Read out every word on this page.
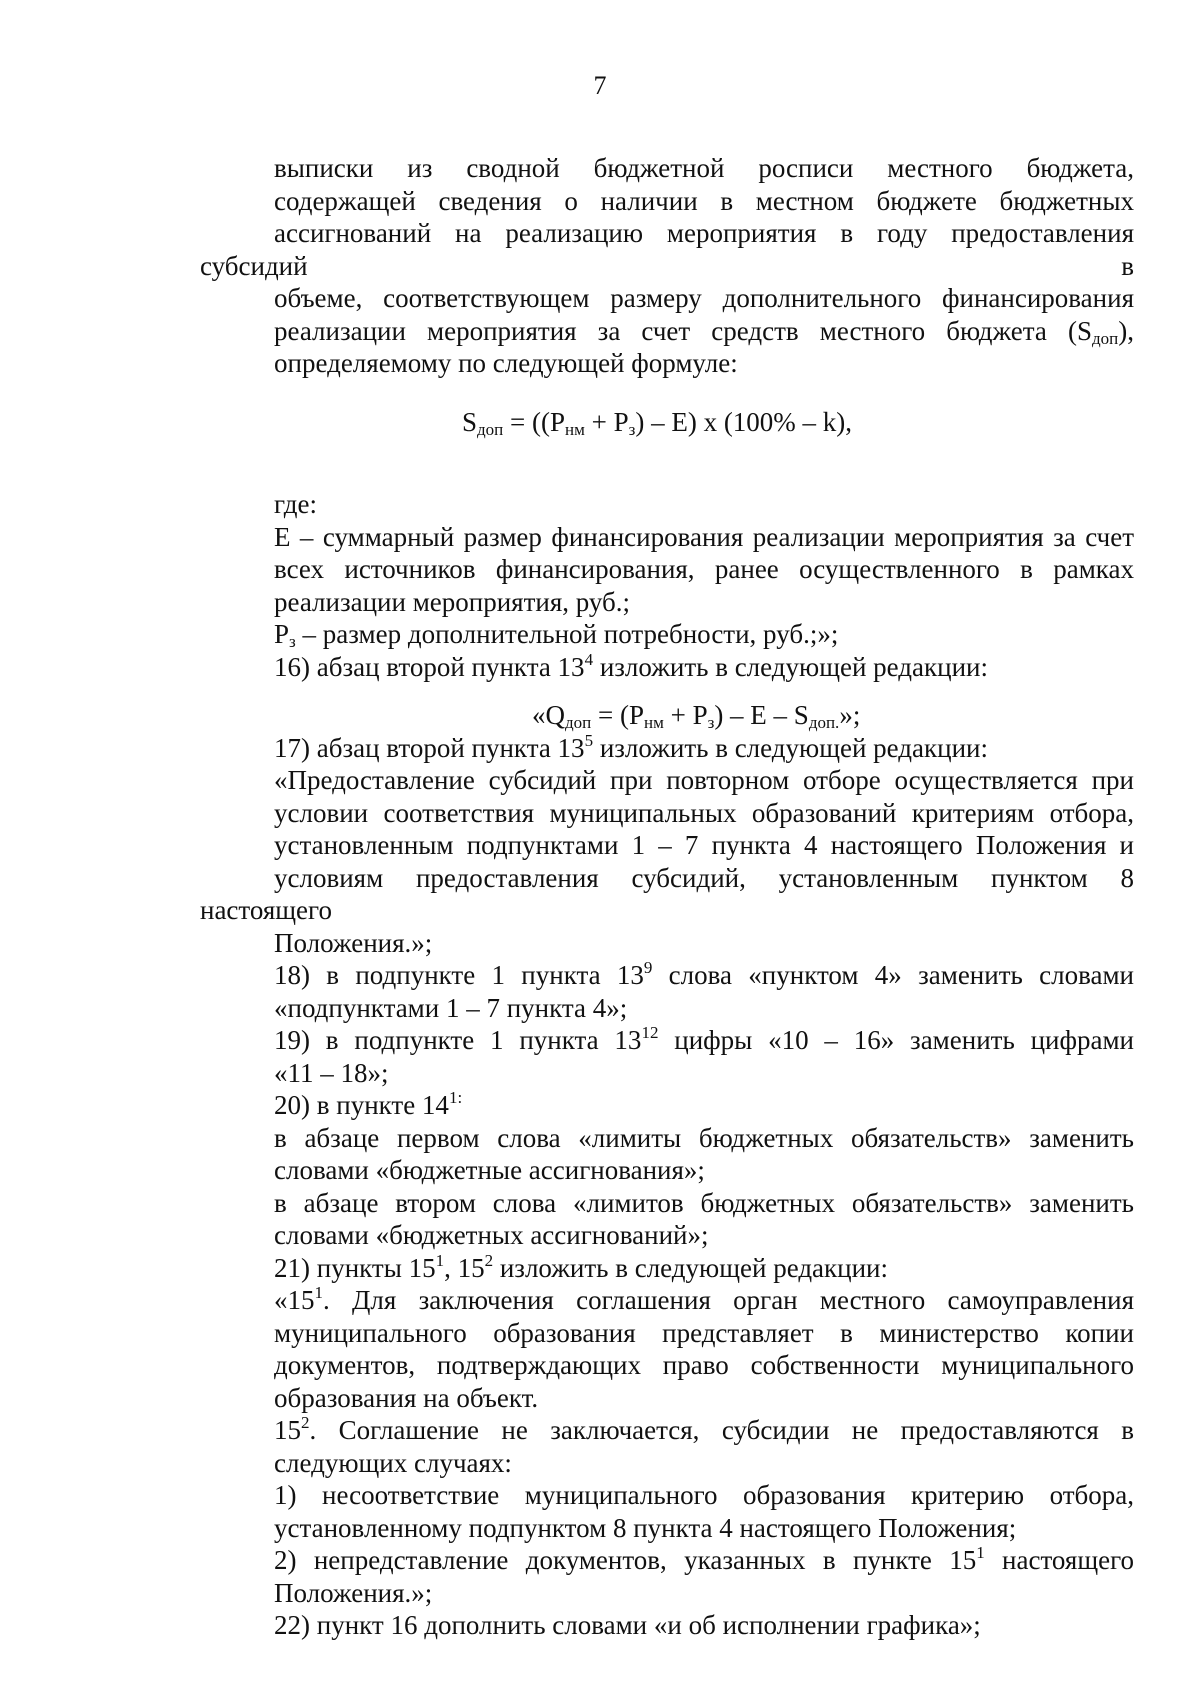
7

выписки из сводной бюджетной росписи местного бюджета,
содержащей сведения о наличии в местном бюджете бюджетных
ассигнований на реализацию мероприятия в году предоставления субсидий в
объеме, соответствующем размеру дополнительного финансирования
реализации мероприятия за счет средств местного бюджета $(S_{доп})$,
определяемому по следующей формуле:

$S_{доп} = ((P_{нм} + P_з) - E)$ x (100% – k),

где:

E – суммарный размер финансирования реализации мероприятия за счет
всех источников финансирования, ранее осуществленного в рамках
реализации мероприятия, руб.;

$P_з$ – размер дополнительной потребности, руб.;»;

16) абзац второй пункта $13^4$ изложить в следующей редакции:

«$Q_{доп} = (P_{нм} + P_з) - E - S_{доп.}$»;

17) абзац второй пункта $13^5$ изложить в следующей редакции:

«Предоставление субсидий при повторном отборе осуществляется при
условии соответствия муниципальных образований критериям отбора,
установленным подпунктами 1 – 7 пункта 4 настоящего Положения и
условиям предоставления субсидий, установленным пунктом 8 настоящего
Положения.»;

18) в подпункте 1 пункта $13^9$ слова «пунктом 4» заменить словами
«подпунктами 1 – 7 пункта 4»;

19) в подпункте 1 пункта $13^{12}$ цифры «10 – 16» заменить цифрами
«11 – 18»;

20) в пункте $14^{1:}$

в абзаце первом слова «лимиты бюджетных обязательств» заменить
словами «бюджетные ассигнования»;

в абзаце втором слова «лимитов бюджетных обязательств» заменить
словами «бюджетных ассигнований»;

21) пункты $15^1$, $15^2$ изложить в следующей редакции:

«$15^1$. Для заключения соглашения орган местного самоуправления
муниципального образования представляет в министерство копии
документов, подтверждающих право собственности муниципального
образования на объект.

$15^2$. Соглашение не заключается, субсидии не предоставляются в
следующих случаях:

1) несоответствие муниципального образования критерию отбора,
установленному подпунктом 8 пункта 4 настоящего Положения;

2) непредставление документов, указанных в пункте $15^1$ настоящего
Положения.»;

22) пункт 16 дополнить словами «и об исполнении графика»;
